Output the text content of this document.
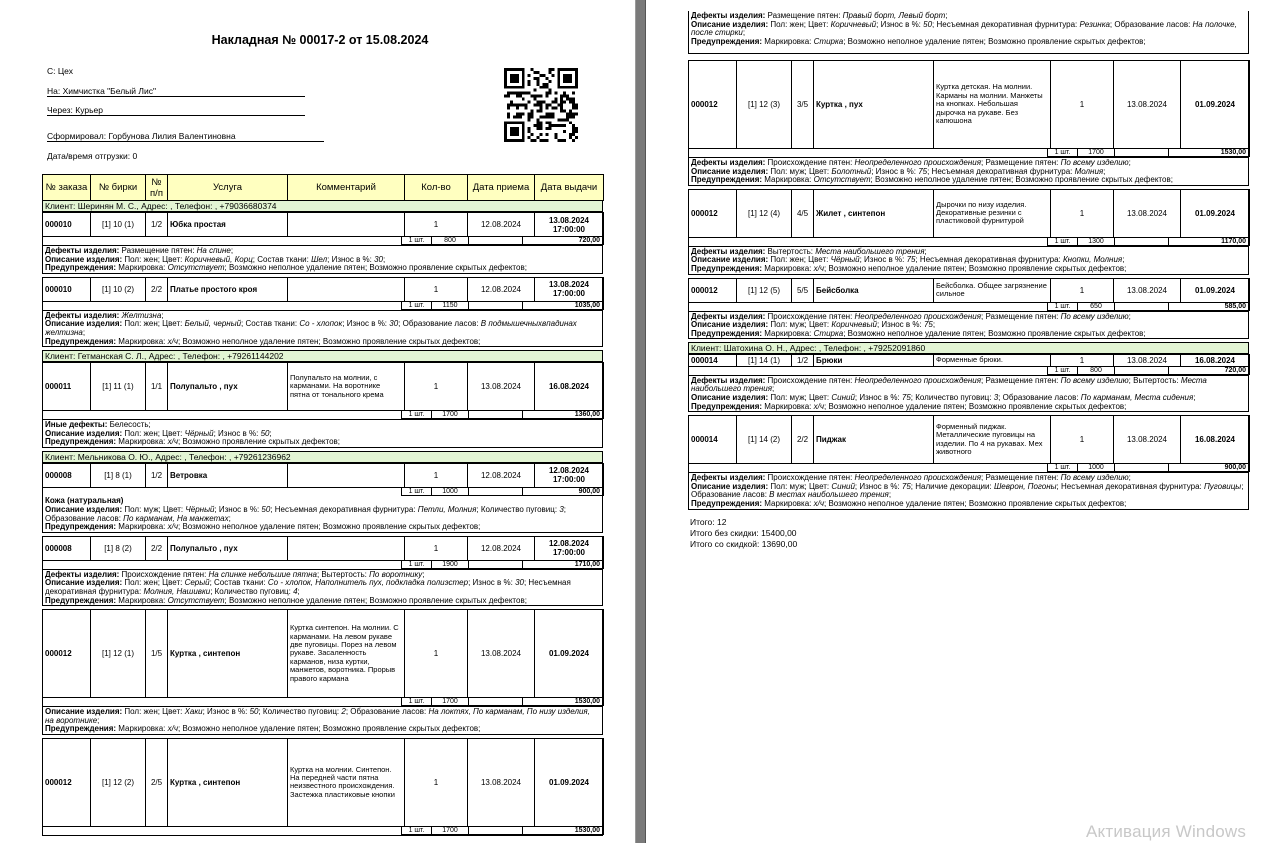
Накладная № 00017-2 от 15.08.2024
С: Цех
На: Химчистка "Белый Лис"
Через: Курьер
Сформировал: Горбунова Лилия Валентиновна
Дата/время отгрузки: 0
№ заказа	№ бирки	№ п/п	Услуга	Комментарий	Кол-во	Дата приема	Дата выдачи
Клиент: Шеринян М. С., Адрес: , Телефон: , +79036680374
000010	[1] 10 (1)	1/2	Юбка простая		1	12.08.2024	13.08.2024
17:00:00
1 шт.	800		720,00
Дефекты изделия: Размещение пятен: На спине;
Описание изделия: Пол: жен; Цвет: Коричневый, Корц; Состав ткани: Шел; Износ в %: 30;
Предупреждения: Маркировка: Отсутствует; Возможно неполное удаление пятен; Возможно проявление скрытых дефектов;
000010	[1] 10 (2)	2/2	Платье простого кроя		1	12.08.2024	13.08.2024
17:00:00
1 шт.	1150		1035,00
Дефекты изделия: Желтизна;
Описание изделия: Пол: жен; Цвет: Белый, черный; Состав ткани: Со - хлопок; Износ в %: 30; Образование ласов: В подмышечныхвпадинах желтизна;
Предупреждения: Маркировка: х/ч; Возможно неполное удаление пятен; Возможно проявление скрытых дефектов;
Клиент: Гетманская С. Л., Адрес: , Телефон: , +79261144202
000011	[1] 11 (1)	1/1	Полупальто , пух	Полупальто на молнии, с карманами. На воротнике пятна от тонального крема	1	13.08.2024	16.08.2024
1 шт.	1700		1360,00
Иные дефекты: Белесость;
Описание изделия: Пол: жен; Цвет: Чёрный; Износ в %: 50;
Предупреждения: Маркировка: х/ч; Возможно проявление скрытых дефектов;
Клиент: Мельникова О. Ю., Адрес: , Телефон: , +79261236962
000008	[1] 8 (1)	1/2	Ветровка		1	12.08.2024	12.08.2024
17:00:00
1 шт.	1000		900,00
Кожа (натуральная)
Описание изделия: Пол: муж; Цвет: Чёрный; Износ в %: 50; Несъемная декоративная фурнитура: Петли, Молния; Количество пуговиц: 3; Образование ласов: По карманам, На манжетах;
Предупреждения: Маркировка: х/ч; Возможно неполное удаление пятен; Возможно проявление скрытых дефектов;
000008	[1] 8 (2)	2/2	Полупальто , пух		1	12.08.2024	12.08.2024
17:00:00
1 шт.	1900		1710,00
Дефекты изделия: Происхождение пятен: На спинке небольшие пятна; Вытертость: По воротнику;
Описание изделия: Пол: жен; Цвет: Серый; Состав ткани: Со - хлопок, Наполнитель пух, подкладка полиэстер; Износ в %: 30; Несъемная декоративная фурнитура: Молния, Нашивки; Количество пуговиц: 4;
Предупреждения: Маркировка: Отсутствует; Возможно неполное удаление пятен; Возможно проявление скрытых дефектов;
000012	[1] 12 (1)	1/5	Куртка , синтепон	Куртка синтепон. На молнии. С карманами. На левом рукаве две пуговицы. Порез на левом рукаве. Засаленность карманов, низа куртки, манжетов, воротника. Прорыв правого кармана	1	13.08.2024	01.09.2024
1 шт.	1700		1530,00
Описание изделия: Пол: жен; Цвет: Хаки; Износ в %: 50; Количество пуговиц: 2; Образование ласов: На локтях, По карманам, По низу изделия, на воротнике;
Предупреждения: Маркировка: х/ч; Возможно неполное удаление пятен; Возможно проявление скрытых дефектов;
000012	[1] 12 (2)	2/5	Куртка , синтепон	Куртка на молнии. Синтепон. На передней части пятна неизвестного происхождения. Застежка пластиковые кнопки	1	13.08.2024	01.09.2024
1 шт.	1700		1530,00
Дефекты изделия: Размещение пятен: Правый борт, Левый борт;
Описание изделия: Пол: жен; Цвет: Коричневый; Износ в %: 50; Несъемная декоративная фурнитура: Резинка; Образование ласов: На полочке, после стирки;
Предупреждения: Маркировка: Стирка; Возможно неполное удаление пятен; Возможно проявление скрытых дефектов;
000012	[1] 12 (3)	3/5	Куртка , пух	Куртка детская. На молнии. Карманы на молнии. Манжеты на кнопках. Небольшая дырочка на рукаве. Без капюшона	1	13.08.2024	01.09.2024
1 шт.	1700		1530,00
Дефекты изделия: Происхождение пятен: Неопределенного происхождения; Размещение пятен: По всему изделию;
Описание изделия: Пол: муж; Цвет: Болотный; Износ в %: 75; Несъемная декоративная фурнитура: Молния;
Предупреждения: Маркировка: Отсутствует; Возможно неполное удаление пятен; Возможно проявление скрытых дефектов;
000012	[1] 12 (4)	4/5	Жилет , синтепон	Дырочки по низу изделия. Декоративные резинки с пластиковой фурнитурой	1	13.08.2024	01.09.2024
1 шт.	1300		1170,00
Дефекты изделия: Вытертость: Места наибольшего трения;
Описание изделия: Пол: жен; Цвет: Чёрный; Износ в %: 75; Несъемная декоративная фурнитура: Кнопки, Молния;
Предупреждения: Маркировка: х/ч; Возможно неполное удаление пятен; Возможно проявление скрытых дефектов;
000012	[1] 12 (5)	5/5	Бейсболка	Бейсболка. Общее загрязнение сильное	1	13.08.2024	01.09.2024
1 шт.	650		585,00
Дефекты изделия: Происхождение пятен: Неопределенного происхождения; Размещение пятен: По всему изделию;
Описание изделия: Пол: муж; Цвет: Коричневый; Износ в %: 75;
Предупреждения: Маркировка: Стирка; Возможно неполное удаление пятен; Возможно проявление скрытых дефектов;
Клиент: Шатохина О. Н., Адрес: , Телефон: , +79252091860
000014	[1] 14 (1)	1/2	Брюки	Форменные брюки.	1	13.08.2024	16.08.2024
1 шт.	800		720,00
Дефекты изделия: Происхождение пятен: Неопределенного происхождения; Размещение пятен: По всему изделию; Вытертость: Места наибольшего трения;
Описание изделия: Пол: муж; Цвет: Синий; Износ в %: 75; Количество пуговиц: 3; Образование ласов: По карманам, Места сидения;
Предупреждения: Маркировка: х/ч; Возможно неполное удаление пятен; Возможно проявление скрытых дефектов;
000014	[1] 14 (2)	2/2	Пиджак	Форменный пиджак. Металлические пуговицы на изделии. По 4 на рукавах. Мех животного	1	13.08.2024	16.08.2024
1 шт.	1000		900,00
Дефекты изделия: Происхождение пятен: Неопределенного происхождения; Размещение пятен: По всему изделию;
Описание изделия: Пол: муж; Цвет: Синий; Износ в %: 75; Наличие декорации: Шеврон, Погоны; Несъемная декоративная фурнитура: Пуговицы; Образование ласов: В местах наибольшего трения;
Предупреждения: Маркировка: х/ч; Возможно неполное удаление пятен; Возможно проявление скрытых дефектов;
Итого: 12
Итого без скидки: 15400,00
Итого со скидкой: 13690,00
Активация Windows
